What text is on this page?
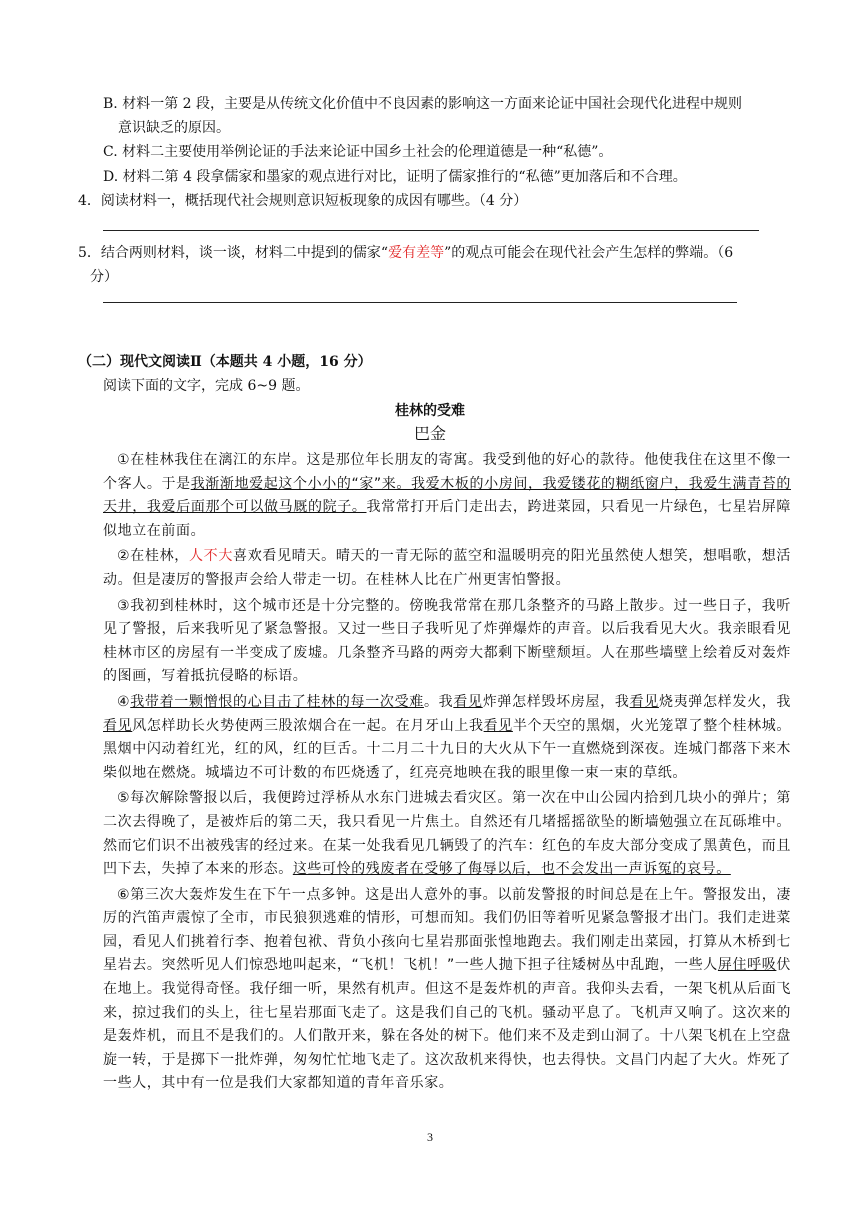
B. 材料一第 2 段，主要是从传统文化价值中不良因素的影响这一方面来论证中国社会现代化进程中规则
意识缺乏的原因。
C. 材料二主要使用举例论证的手法来论证中国乡土社会的伦理道德是一种“私德”。
D. 材料二第 4 段拿儒家和墨家的观点进行对比，证明了儒家推行的“私德”更加落后和不合理。
4．阅读材料一，概括现代社会规则意识短板现象的成因有哪些。（4 分）
5．结合两则材料，谈一谈，材料二中提到的儒家“爱有差等”的观点可能会在现代社会产生怎样的弊端。（6
分）
（二）现代文阅读Ⅱ（本题共 4 小题，16 分）
阅读下面的文字，完成 6~9 题。
桂林的受难
巴金

①在桂林我住在漓江的东岸。这是那位年长朋友的寄寓。我受到他的好心的款待。他使我住在这里不像一个客人。于是我渐渐地爱起这个小小的“家”来。我爱木板的小房间，我爱镂花的糊纸窗户，我爱生满青苔的天井，我爱后面那个可以做马厩的院子。我常常打开后门走出去，跨进菜园，只看见一片绿色，七星岩屏障似地立在前面。

②在桂林，人不大喜欢看见晴天。晴天的一青无际的蓝空和温暖明亮的阳光虽然使人想笑，想唱歌，想活动。但是凄厉的警报声会给人带走一切。在桂林人比在广州更害怕警报。

③我初到桂林时，这个城市还是十分完整的。傍晚我常常在那几条整齐的马路上散步。过一些日子，我听见了警报，后来我听见了紧急警报。又过一些日子我听见了炸弹爆炸的声音。以后我看见大火。我亲眼看见桂林市区的房屋有一半变成了废墟。几条整齐马路的两旁大都剩下断壁颓垣。人在那些墙壁上绘着反对轰炸的图画，写着抵抗侵略的标语。

④我带着一颗憎恨的心目击了桂林的每一次受难。我看见炸弹怎样毁坏房屋，我看见烧夷弹怎样发火，我看见风怎样助长火势使两三股浓烟合在一起。在月牙山上我看见半个天空的黑烟，火光笼罩了整个桂林城。黑烟中闪动着红光，红的风，红的巨舌。十二月二十九日的大火从下午一直燃烧到深夜。连城门都落下来木柴似地在燃烧。城墙边不可计数的布匹烧透了，红亮亮地映在我的眼里像一束一束的草纸。

⑤每次解除警报以后，我便跨过浮桥从水东门进城去看灾区。第一次在中山公园内拾到几块小的弹片；第二次去得晚了，是被炸后的第二天，我只看见一片焦土。自然还有几堵摇摇欲坠的断墙勉强立在瓦砾堆中。然而它们识不出被残害的经过来。在某一处我看见几辆毁了的汽车：红色的车皮大部分变成了黑黄色，而且凹下去，失掉了本来的形态。这些可怜的残废者在受够了侮辱以后，也不会发出一声诉冤的哀号。

⑥第三次大轰炸发生在下午一点多钟。这是出人意外的事。以前发警报的时间总是在上午。警报发出，凄厉的汽笛声震惊了全市，市民狼狈逃难的情形，可想而知。我们仍旧等着听见紧急警报才出门。我们走进菜园，看见人们挑着行李、抱着包袱、背负小孩向七星岩那面张惶地跑去。我们刚走出菜园，打算从木桥到七星岩去。突然听见人们惊恐地叫起来，“飞机！飞机！”一些人抛下担子往矮树丛中乱跑，一些人屏住呼吸伏在地上。我觉得奇怪。我仔细一听，果然有机声。但这不是轰炸机的声音。我仰头去看，一架飞机从后面飞来，掠过我们的头上，往七星岩那面飞走了。这是我们自己的飞机。骚动平息了。飞机声又响了。这次来的是轰炸机，而且不是我们的。人们散开来，躲在各处的树下。他们来不及走到山洞了。十八架飞机在上空盘旋一转，于是掷下一批炸弹，匆匆忙忙地飞走了。这次敌机来得快，也去得快。文昌门内起了大火。炸死了一些人，其中有一位是我们大家都知道的青年音乐家。

3
